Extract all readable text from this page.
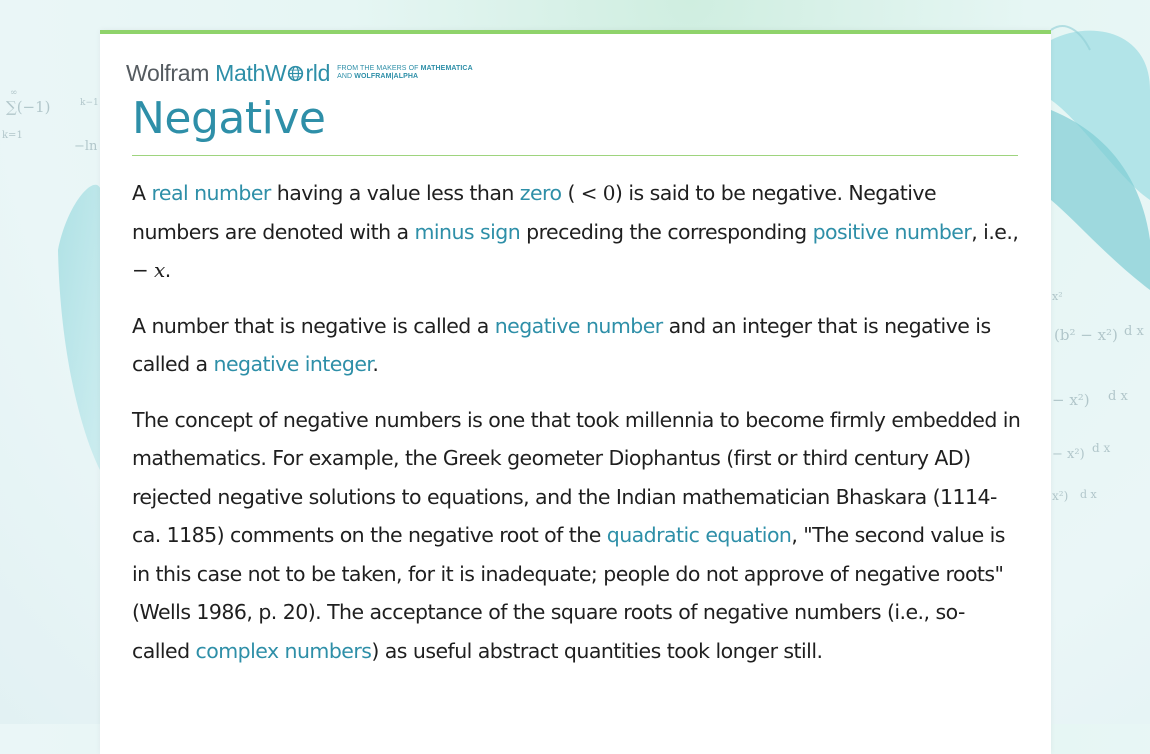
∑(−1)	k−1
∞
k=1
−ln
(b² − x²) d x
x²
− x²) d x
− x²) d x
x²) d x
Wolfram MathW rld FROM THE MAKERS OF MATHEMATICA
AND WOLFRAM|ALPHA
Negative

A real number having a value less than zero ( < 0) is said to be negative. Negative numbers are denoted with a minus sign preceding the corresponding positive number, i.e., − x.

A number that is negative is called a negative number and an integer that is negative is called a negative integer.

The concept of negative numbers is one that took millennia to become firmly embedded in mathematics. For example, the Greek geometer Diophantus (first or third century AD) rejected negative solutions to equations, and the Indian mathematician Bhaskara (1114-ca. 1185) comments on the negative root of the quadratic equation, "The second value is in this case not to be taken, for it is inadequate; people do not approve of negative roots" (Wells 1986, p. 20). The acceptance of the square roots of negative numbers (i.e., so-called complex numbers) as useful abstract quantities took longer still.
